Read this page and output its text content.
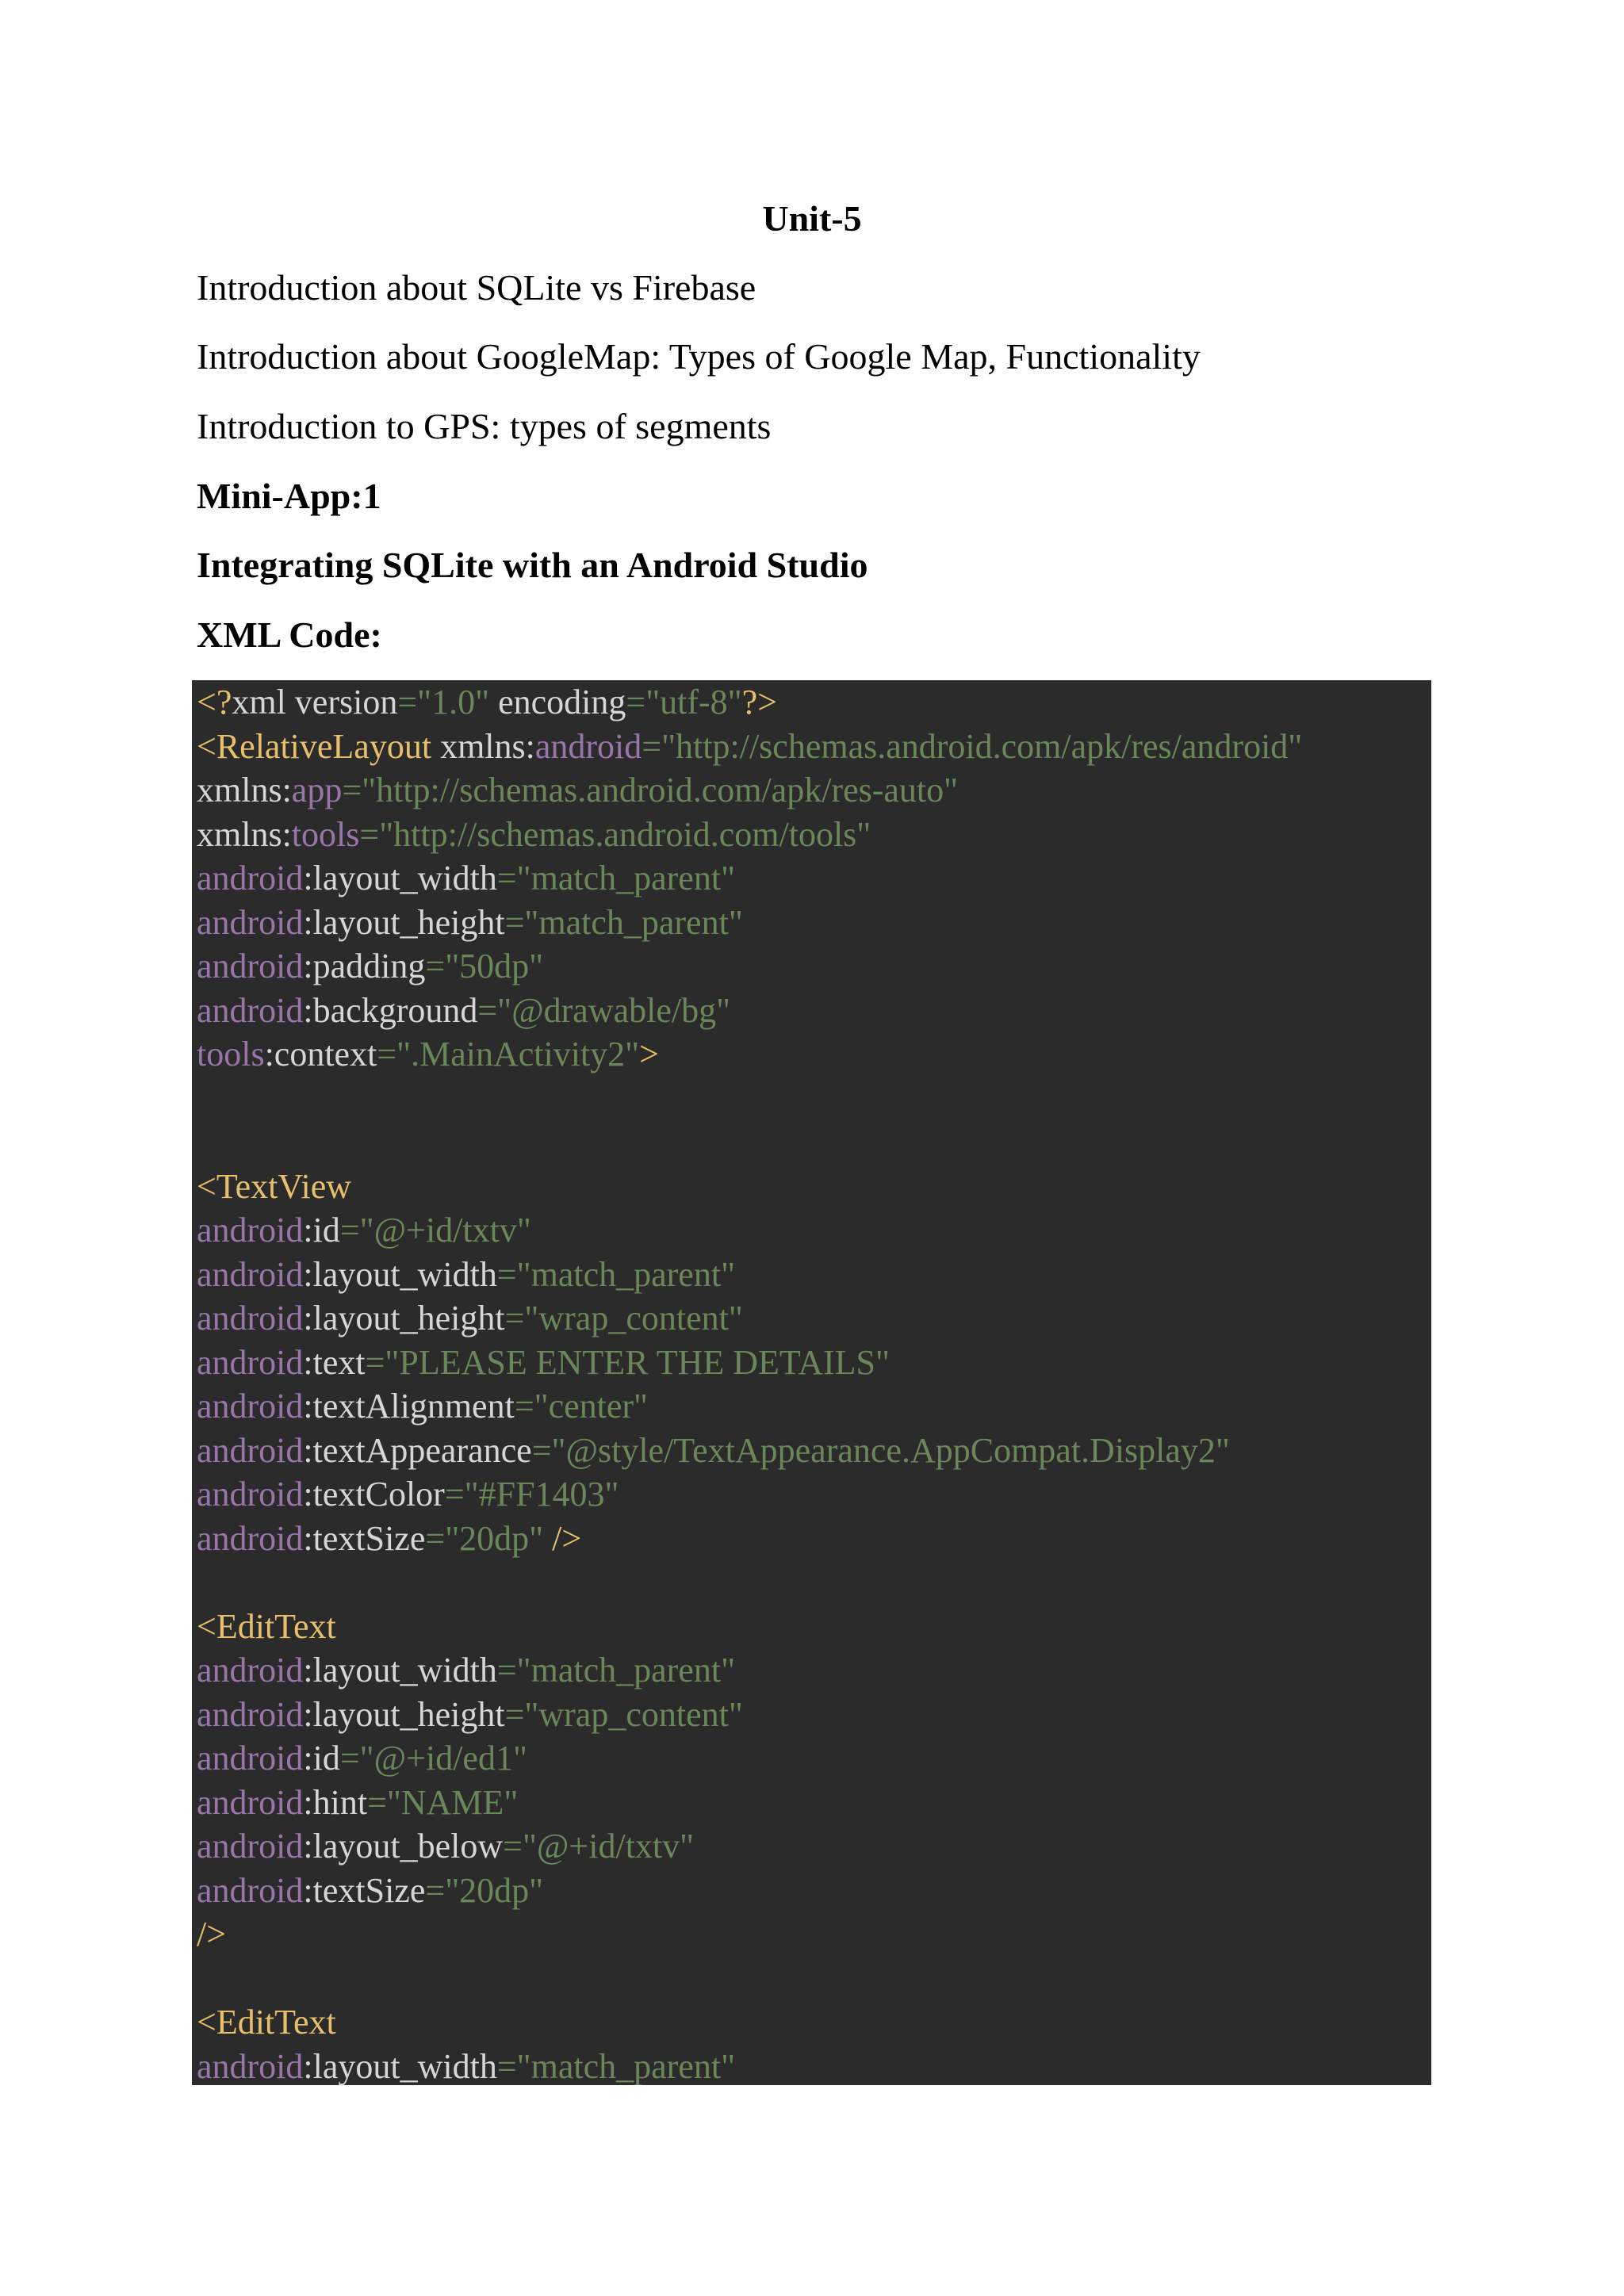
Unit-5
Introduction about SQLite vs Firebase
Introduction about GoogleMap: Types of Google Map, Functionality
Introduction to GPS: types of segments
Mini-App:1
Integrating SQLite with an Android Studio
XML Code:
<?xml version="1.0" encoding="utf-8"?>
<RelativeLayout xmlns:android="http://schemas.android.com/apk/res/android"
xmlns:app="http://schemas.android.com/apk/res-auto"
xmlns:tools="http://schemas.android.com/tools"
android:layout_width="match_parent"
android:layout_height="match_parent"
android:padding="50dp"
android:background="@drawable/bg"
tools:context=".MainActivity2">

<TextView
android:id="@+id/txtv"
android:layout_width="match_parent"
android:layout_height="wrap_content"
android:text="PLEASE ENTER THE DETAILS"
android:textAlignment="center"
android:textAppearance="@style/TextAppearance.AppCompat.Display2"
android:textColor="#FF1403"
android:textSize="20dp" />

<EditText
android:layout_width="match_parent"
android:layout_height="wrap_content"
android:id="@+id/ed1"
android:hint="NAME"
android:layout_below="@+id/txtv"
android:textSize="20dp"
/>

<EditText
android:layout_width="match_parent"
